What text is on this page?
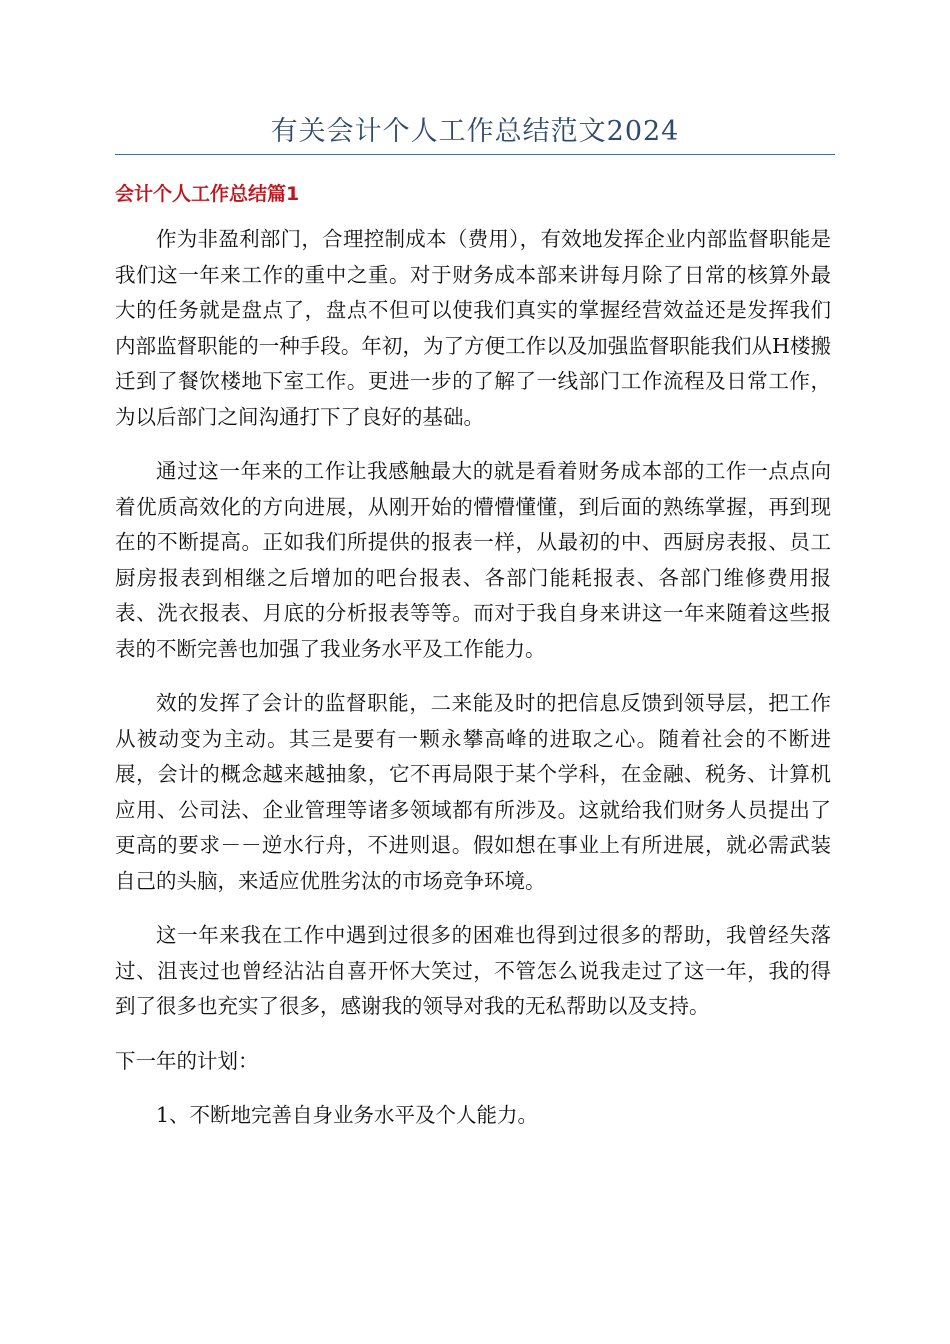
有关会计个人工作总结范文2024
会计个人工作总结篇1

作为非盈利部门，合理控制成本（费用），有效地发挥企业内部监督职能是我们这一年来工作的重中之重。对于财务成本部来讲每月除了日常的核算外最大的任务就是盘点了，盘点不但可以使我们真实的掌握经营效益还是发挥我们内部监督职能的一种手段。年初，为了方便工作以及加强监督职能我们从H楼搬迁到了餐饮楼地下室工作。更进一步的了解了一线部门工作流程及日常工作，为以后部门之间沟通打下了良好的基础。

通过这一年来的工作让我感触最大的就是看着财务成本部的工作一点点向着优质高效化的方向进展，从刚开始的懵懵懂懂，到后面的熟练掌握，再到现在的不断提高。正如我们所提供的报表一样，从最初的中、西厨房表报、员工厨房报表到相继之后增加的吧台报表、各部门能耗报表、各部门维修费用报表、洗衣报表、月底的分析报表等等。而对于我自身来讲这一年来随着这些报表的不断完善也加强了我业务水平及工作能力。

效的发挥了会计的监督职能，二来能及时的把信息反馈到领导层，把工作从被动变为主动。其三是要有一颗永攀高峰的进取之心。随着社会的不断进展，会计的概念越来越抽象，它不再局限于某个学科，在金融、税务、计算机应用、公司法、企业管理等诸多领域都有所涉及。这就给我们财务人员提出了更高的要求－－逆水行舟，不进则退。假如想在事业上有所进展，就必需武装自己的头脑，来适应优胜劣汰的市场竞争环境。

这一年来我在工作中遇到过很多的困难也得到过很多的帮助，我曾经失落过、沮丧过也曾经沾沾自喜开怀大笑过，不管怎么说我走过了这一年，我的得到了很多也充实了很多，感谢我的领导对我的无私帮助以及支持。

下一年的计划：

1、不断地完善自身业务水平及个人能力。
